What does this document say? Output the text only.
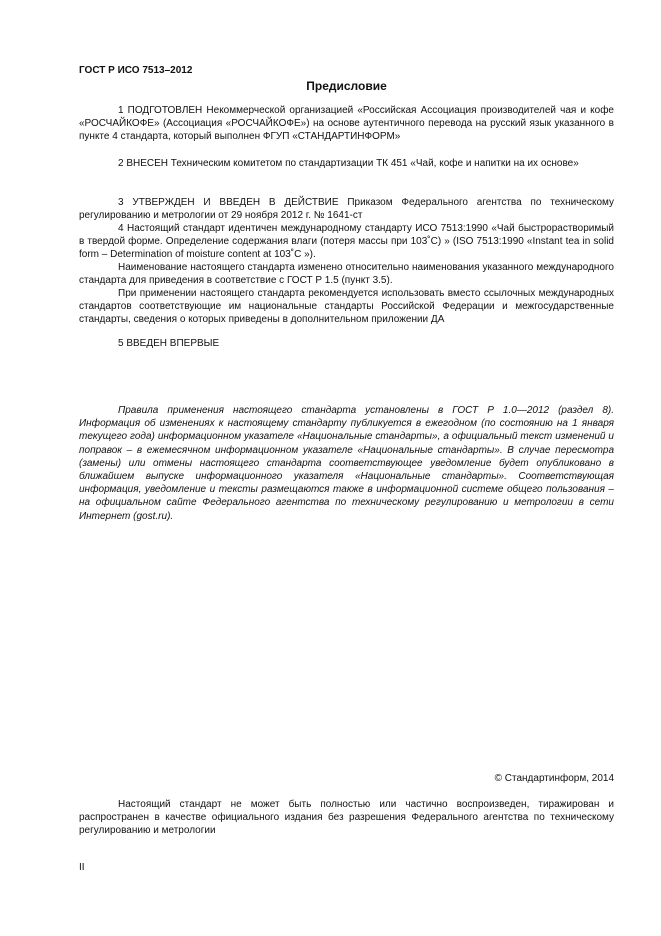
ГОСТ Р ИСО 7513–2012
Предисловие

1 ПОДГОТОВЛЕН Некоммерческой организацией «Российская Ассоциация производителей чая и кофе «РОСЧАЙКОФЕ» (Ассоциация «РОСЧАЙКОФЕ») на основе аутентичного перевода на русский язык указанного в пункте 4 стандарта, который выполнен ФГУП «СТАНДАРТИНФОРМ»

2 ВНЕСЕН Техническим комитетом по стандартизации ТК 451 «Чай, кофе и напитки на их основе»

3 УТВЕРЖДЕН И ВВЕДЕН В ДЕЙСТВИЕ Приказом Федерального агентства по техническому регулированию и метрологии от 29 ноября 2012 г. № 1641-ст

4 Настоящий стандарт идентичен международному стандарту ИСО 7513:1990 «Чай быстрорастворимый в твердой форме. Определение содержания влаги (потеря массы при 103˚С) » (ISO 7513:1990 «Instant tea in solid form – Determination of moisture content at 103˚С »).

Наименование настоящего стандарта изменено относительно наименования указанного международного стандарта для приведения в соответствие с ГОСТ Р 1.5 (пункт 3.5).

При применении настоящего стандарта рекомендуется использовать вместо ссылочных международных стандартов соответствующие им национальные стандарты Российской Федерации и межгосударственные стандарты, сведения о которых приведены в дополнительном приложении ДА

5 ВВЕДЕН ВПЕРВЫЕ

Правила применения настоящего стандарта установлены в ГОСТ Р 1.0—2012 (раздел 8). Информация об изменениях к настоящему стандарту публикуется в ежегодном (по состоянию на 1 января текущего года) информационном указателе «Национальные стандарты», а официальный текст изменений и поправок – в ежемесячном информационном указателе «Национальные стандарты». В случае пересмотра (замены) или отмены настоящего стандарта соответствующее уведомление будет опубликовано в ближайшем выпуске информационного указателя «Национальные стандарты». Соответствующая информация, уведомление и тексты размещаются также в информационной системе общего пользования – на официальном сайте Федерального агентства по техническому регулированию и метрологии в сети Интернет (gost.ru).

© Стандартинформ, 2014

Настоящий стандарт не может быть полностью или частично воспроизведен, тиражирован и распространен в качестве официального издания без разрешения Федерального агентства по техническому регулированию и метрологии

II
